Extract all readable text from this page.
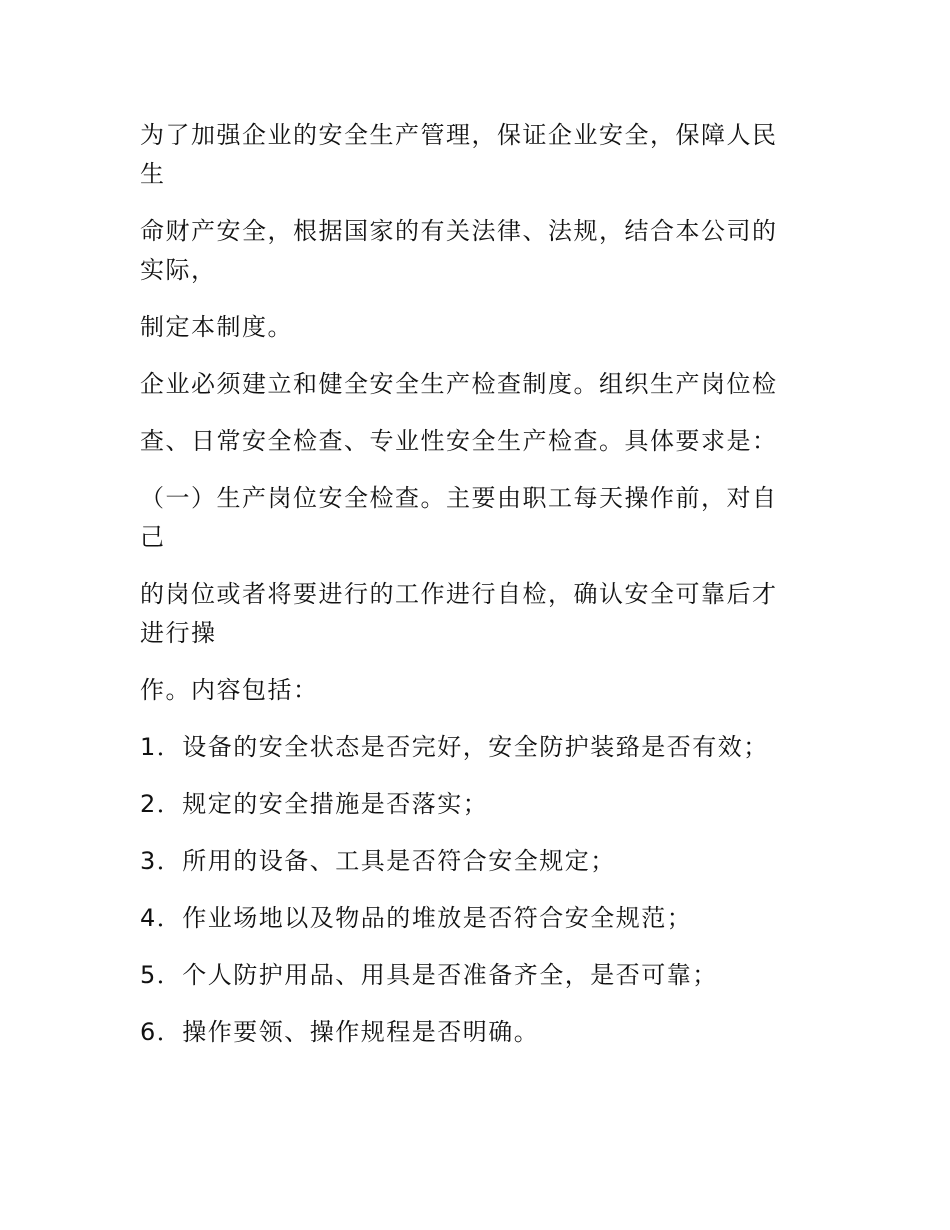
为了加强企业的安全生产管理，保证企业安全，保障人民
生

命财产安全，根据国家的有关法律、法规，结合本公司的
实际，

制定本制度。

企业必须建立和健全安全生产检查制度。组织生产岗位检

查、日常安全检查、专业性安全生产检查。具体要求是：

（一）生产岗位安全检查。主要由职工每天操作前，对自
己

的岗位或者将要进行的工作进行自检，确认安全可靠后才
进行操

作。内容包括：

1．设备的安全状态是否完好，安全防护装臵是否有效；

2．规定的安全措施是否落实；

3．所用的设备、工具是否符合安全规定；

4．作业场地以及物品的堆放是否符合安全规范；

5．个人防护用品、用具是否准备齐全，是否可靠；

6．操作要领、操作规程是否明确。
